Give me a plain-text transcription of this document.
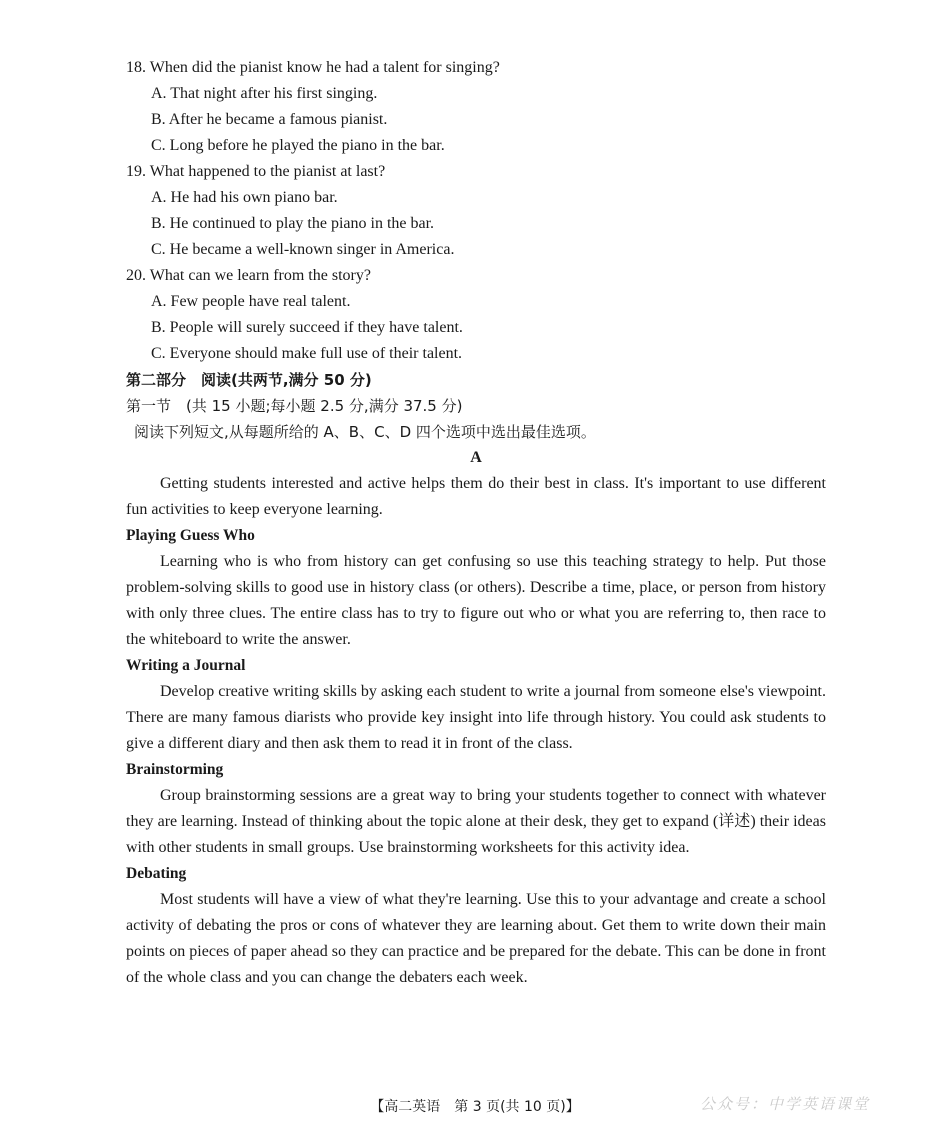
18. When did the pianist know he had a talent for singing?
A. That night after his first singing.
B. After he became a famous pianist.
C. Long before he played the piano in the bar.
19. What happened to the pianist at last?
A. He had his own piano bar.
B. He continued to play the piano in the bar.
C. He became a well-known singer in America.
20. What can we learn from the story?
A. Few people have real talent.
B. People will surely succeed if they have talent.
C. Everyone should make full use of their talent.
第二部分　阅读(共两节,满分 50 分)
第一节　(共 15 小题;每小题 2.5 分,满分 37.5 分)
阅读下列短文,从每题所给的 A、B、C、D 四个选项中选出最佳选项。
A

Getting students interested and active helps them do their best in class. It's important to use different fun activities to keep everyone learning.

Playing Guess Who

Learning who is who from history can get confusing so use this teaching strategy to help. Put those problem-solving skills to good use in history class (or others). Describe a time, place, or person from history with only three clues. The entire class has to try to figure out who or what you are referring to, then race to the whiteboard to write the answer.

Writing a Journal

Develop creative writing skills by asking each student to write a journal from someone else's viewpoint. There are many famous diarists who provide key insight into life through history. You could ask students to give a different diary and then ask them to read it in front of the class.

Brainstorming

Group brainstorming sessions are a great way to bring your students together to connect with whatever they are learning. Instead of thinking about the topic alone at their desk, they get to expand (详述) their ideas with other students in small groups. Use brainstorming worksheets for this activity idea.

Debating

Most students will have a view of what they're learning. Use this to your advantage and create a school activity of debating the pros or cons of whatever they are learning about. Get them to write down their main points on pieces of paper ahead so they can practice and be prepared for the debate. This can be done in front of the whole class and you can change the debaters each week.

【高二英语　第 3 页(共 10 页)】	公众号：中学英语课堂
